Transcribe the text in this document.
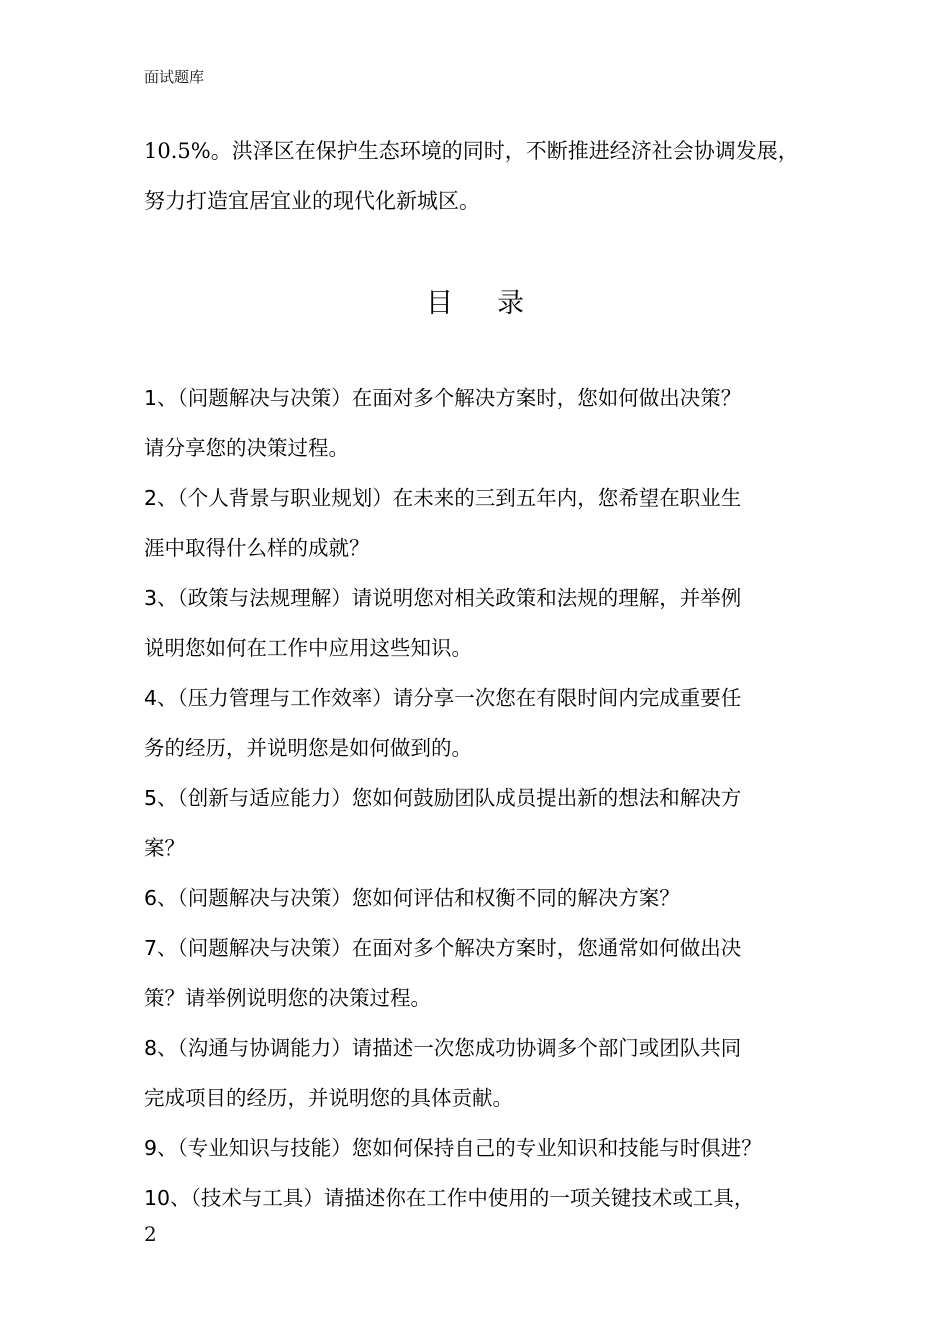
面试题库
10.5%。洪泽区在保护生态环境的同时，不断推进经济社会协调发展，
努力打造宜居宜业的现代化新城区。
目 录
1、（问题解决与决策）在面对多个解决方案时，您如何做出决策？
请分享您的决策过程。
2、（个人背景与职业规划）在未来的三到五年内，您希望在职业生
涯中取得什么样的成就？
3、（政策与法规理解）请说明您对相关政策和法规的理解，并举例
说明您如何在工作中应用这些知识。
4、（压力管理与工作效率）请分享一次您在有限时间内完成重要任
务的经历，并说明您是如何做到的。
5、（创新与适应能力）您如何鼓励团队成员提出新的想法和解决方
案？
6、（问题解决与决策）您如何评估和权衡不同的解决方案？
7、（问题解决与决策）在面对多个解决方案时，您通常如何做出决
策？请举例说明您的决策过程。
8、（沟通与协调能力）请描述一次您成功协调多个部门或团队共同
完成项目的经历，并说明您的具体贡献。
9、（专业知识与技能）您如何保持自己的专业知识和技能与时俱进？
10、（技术与工具）请描述你在工作中使用的一项关键技术或工具，
2
